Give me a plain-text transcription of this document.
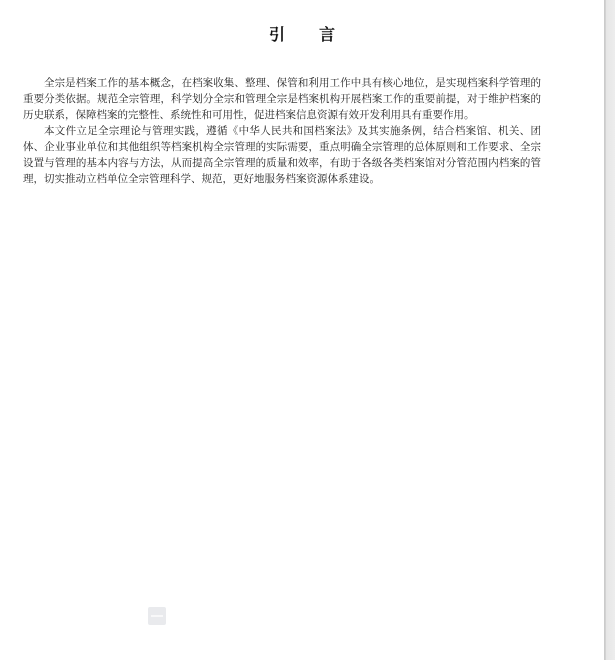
引言

全宗是档案工作的基本概念，在档案收集、整理、保管和利用工作中具有核心地位，是实现档案科学管理的重要分类依据。规范全宗管理，科学划分全宗和管理全宗是档案机构开展档案工作的重要前提，对于维护档案的历史联系，保障档案的完整性、系统性和可用性，促进档案信息资源有效开发利用具有重要作用。

本文件立足全宗理论与管理实践，遵循《中华人民共和国档案法》及其实施条例，结合档案馆、机关、团体、企业事业单位和其他组织等档案机构全宗管理的实际需要，重点明确全宗管理的总体原则和工作要求、全宗设置与管理的基本内容与方法，从而提高全宗管理的质量和效率，有助于各级各类档案馆对分管范围内档案的管理，切实推动立档单位全宗管理科学、规范，更好地服务档案资源体系建设。
